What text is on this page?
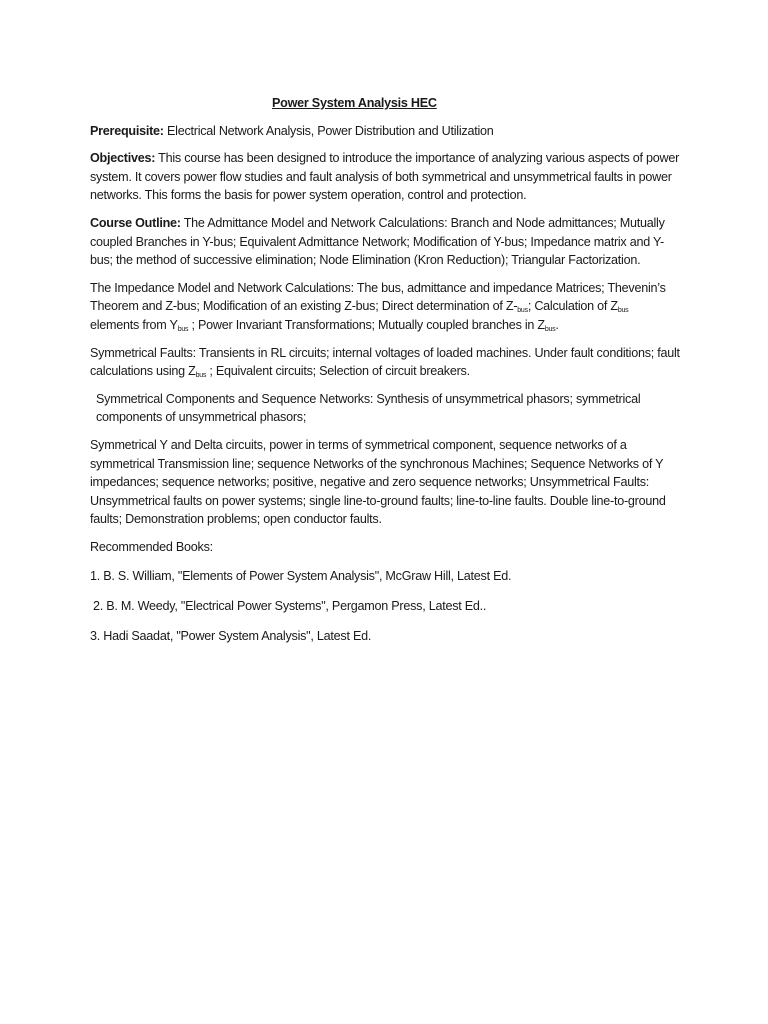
Power System Analysis HEC

Prerequisite: Electrical Network Analysis, Power Distribution and Utilization

Objectives: This course has been designed to introduce the importance of analyzing various aspects of power system. It covers power flow studies and fault analysis of both symmetrical and unsymmetrical faults in power networks. This forms the basis for power system operation, control and protection.

Course Outline: The Admittance Model and Network Calculations: Branch and Node admittances; Mutually coupled Branches in Y-bus; Equivalent Admittance Network; Modification of Y-bus; Impedance matrix and Y-bus; the method of successive elimination; Node Elimination (Kron Reduction); Triangular Factorization.

The Impedance Model and Network Calculations: The bus, admittance and impedance Matrices; Thevenin’s Theorem and Z-bus; Modification of an existing Z-bus; Direct determination of $Z-_{bus}$; Calculation of $Z_{bus}$ elements from $Y_{bus}$ ; Power Invariant Transformations; Mutually coupled branches in $Z_{bus}$.

Symmetrical Faults: Transients in RL circuits; internal voltages of loaded machines. Under fault conditions; fault calculations using $Z_{bus}$ ; Equivalent circuits; Selection of circuit breakers.

Symmetrical Components and Sequence Networks: Synthesis of unsymmetrical phasors; symmetrical components of unsymmetrical phasors;

Symmetrical Y and Delta circuits, power in terms of symmetrical component, sequence networks of a symmetrical Transmission line; sequence Networks of the synchronous Machines; Sequence Networks of Y impedances; sequence networks; positive, negative and zero sequence networks; Unsymmetrical Faults: Unsymmetrical faults on power systems; single line-to-ground faults; line-to-line faults. Double line-to-ground faults; Demonstration problems; open conductor faults.

Recommended Books:

1. B. S. William, "Elements of Power System Analysis", McGraw Hill, Latest Ed.

2. B. M. Weedy, "Electrical Power Systems", Pergamon Press, Latest Ed..

3. Hadi Saadat, "Power System Analysis", Latest Ed.
